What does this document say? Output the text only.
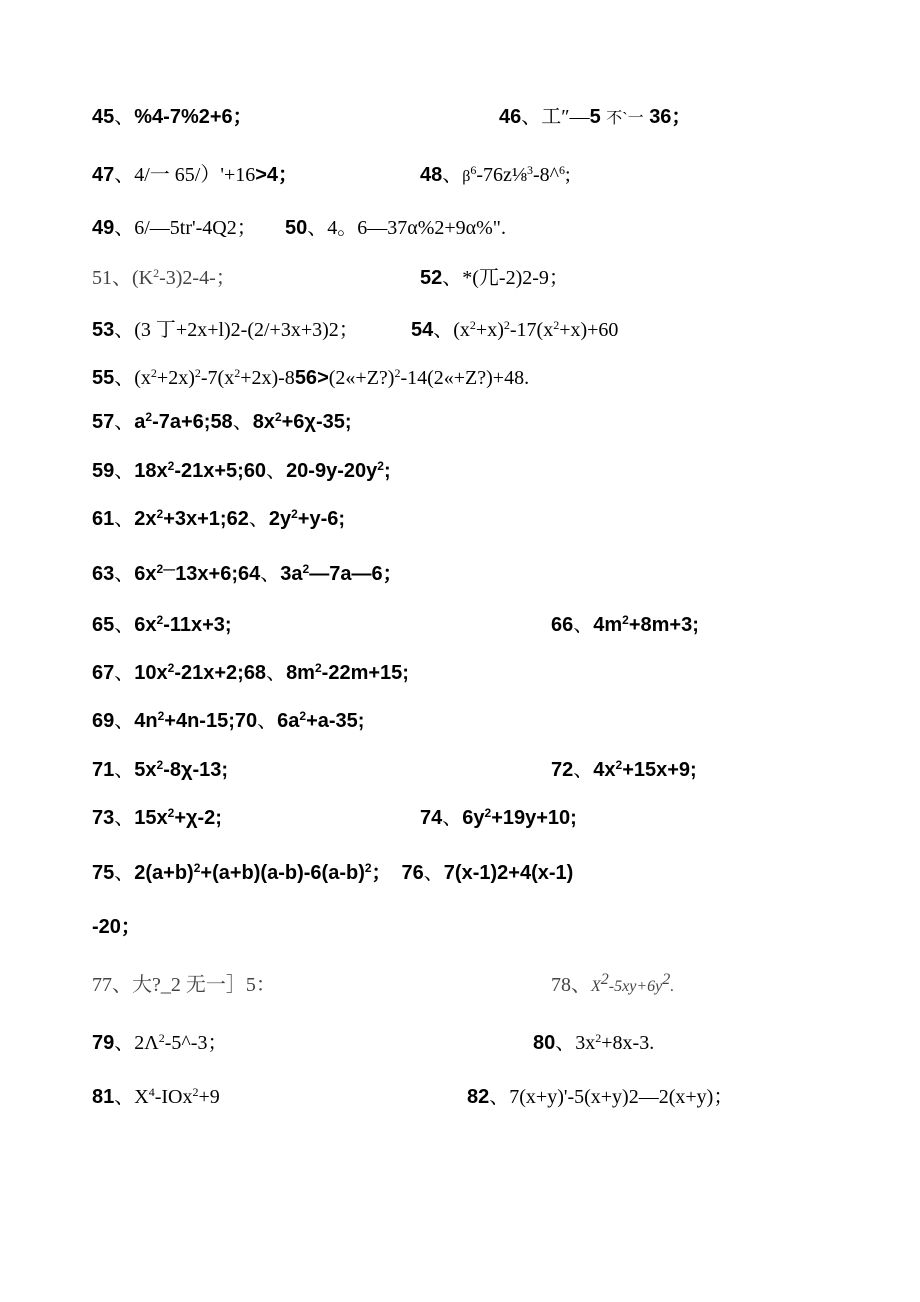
45、%4-7%2+6；	46、工″—5 不`一 36；
47、4/一 65/）'+16>4；	48、$\beta^6-76z\frac{1}{8}^3-8\^{}^6$;
49、6/—5tr'-4Q2； 50、4。6—37α%2+9α%".
51、$(K^2-3)2-4-$；	52、*(兀-2)2-9；
53、(3 丁+2x+l)2-(2/+3x+3)2；	54、$(x^2+x)^2-17(x^2+x)+60$
55、$(x^2+2x)^2-7(x^2+2x)-856>(2«+Z?)^2-14(2«+Z?)+48$.
57、$a^2-7a+6;58$、$8x^2+6\chi-35$;
59、$18x^2-21x+5;60$、$20-9y-20y^2$;
61、$2x^2+3x+1;62$、$2y^2+y-6$;
63、$6x^{2—}13x+6;64$、$3a^2—7a—6$；
65、$6x^2-11x+3$;	66、$4m^2+8m+3$;
67、$10x^2-21x+2;68$、$8m^2-22m+15$;
69、$4n^2+4n-15;70$、$6a^2+a-35$;
71、$5x^2-8\chi-13$;	72、$4x^2+15x+9$;
73、$15x^2+\chi-2$;	74、$6y^2+19y+10$;
75、$2(a+b)^2+(a+b)(a-b)-6(a-b)^2$； 76、7(x-1)2+4(x-1)
-20；
77、大?_2 无一］5：	78、$X^2-5xy+6y^2$.
79、$2\Lambda^2-5\^{}-3$；	80、$3x^2+8x-3$.
81、$X^4-IOx^2+9$	82、7(x+y)'-5(x+y)2—2(x+y)；
